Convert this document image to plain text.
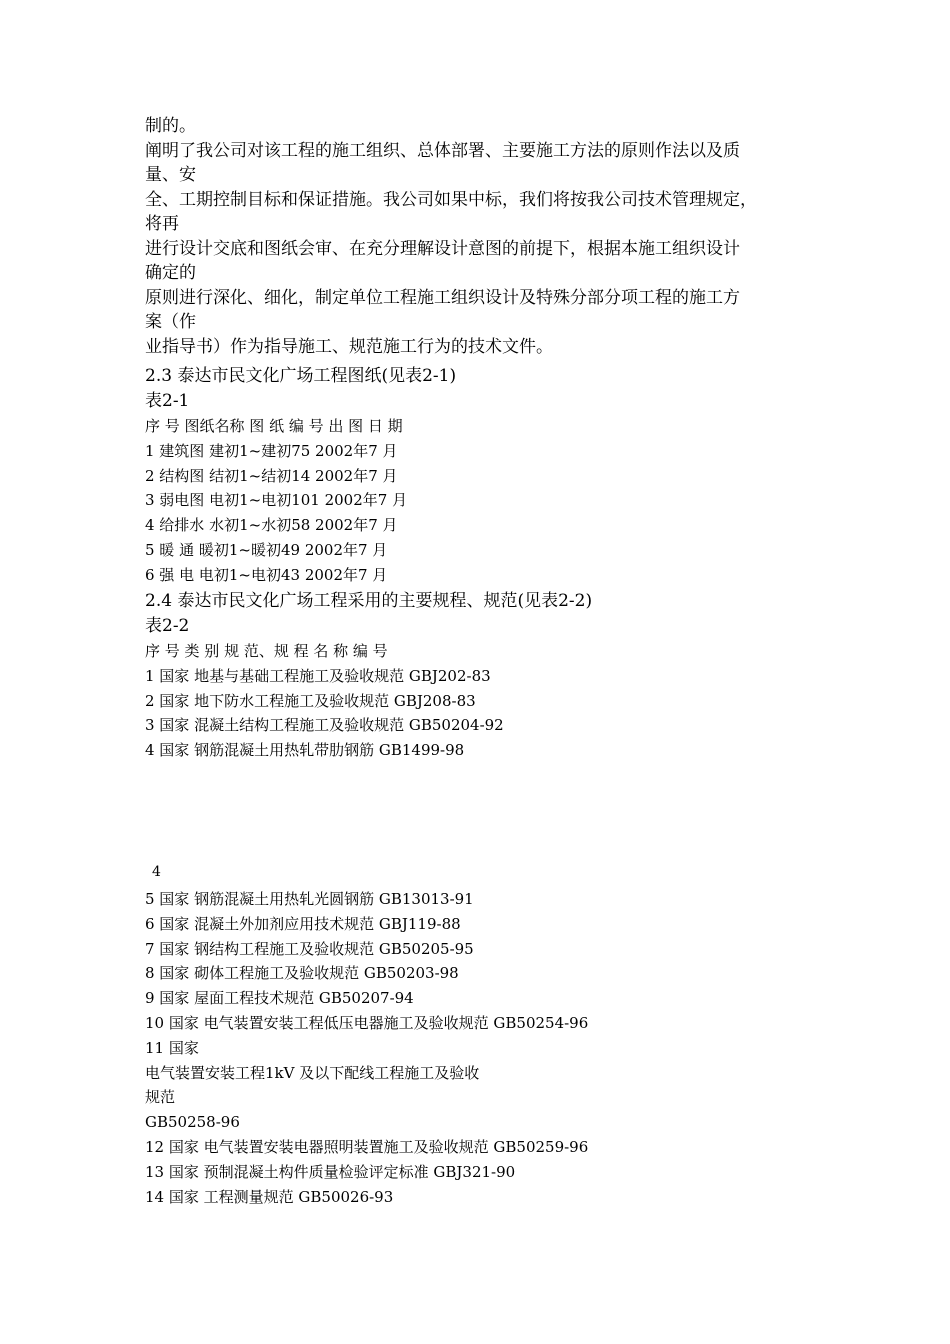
制的。
阐明了我公司对该工程的施工组织、总体部署、主要施工方法的原则作法以及质
量、安
全、工期控制目标和保证措施。我公司如果中标，我们将按我公司技术管理规定，
将再
进行设计交底和图纸会审、在充分理解设计意图的前提下，根据本施工组织设计
确定的
原则进行深化、细化，制定单位工程施工组织设计及特殊分部分项工程的施工方
案（作
业指导书）作为指导施工、规范施工行为的技术文件。
2.3 泰达市民文化广场工程图纸(见表2-1)
表2-1
序 号 图纸名称 图 纸 编 号 出 图 日 期
1 建筑图 建初1~建初75 2002年7 月
2 结构图 结初1~结初14 2002年7 月
3 弱电图 电初1~电初101 2002年7 月
4 给排水 水初1~水初58 2002年7 月
5 暖 通 暖初1~暖初49 2002年7 月
6 强 电 电初1~电初43 2002年7 月
2.4 泰达市民文化广场工程采用的主要规程、规范(见表2-2)
表2-2
序 号 类 别 规 范、规 程 名 称 编 号
1 国家 地基与基础工程施工及验收规范 GBJ202-83
2 国家 地下防水工程施工及验收规范 GBJ208-83
3 国家 混凝土结构工程施工及验收规范 GB50204-92
4 国家 钢筋混凝土用热轧带肋钢筋 GB1499-98
4
5 国家 钢筋混凝土用热轧光圆钢筋 GB13013-91
6 国家 混凝土外加剂应用技术规范 GBJ119-88
7 国家 钢结构工程施工及验收规范 GB50205-95
8 国家 砌体工程施工及验收规范 GB50203-98
9 国家 屋面工程技术规范 GB50207-94
10 国家 电气装置安装工程低压电器施工及验收规范 GB50254-96
11 国家
电气装置安装工程1kV 及以下配线工程施工及验收
规范
GB50258-96
12 国家 电气装置安装电器照明装置施工及验收规范 GB50259-96
13 国家 预制混凝土构件质量检验评定标准 GBJ321-90
14 国家 工程测量规范 GB50026-93
